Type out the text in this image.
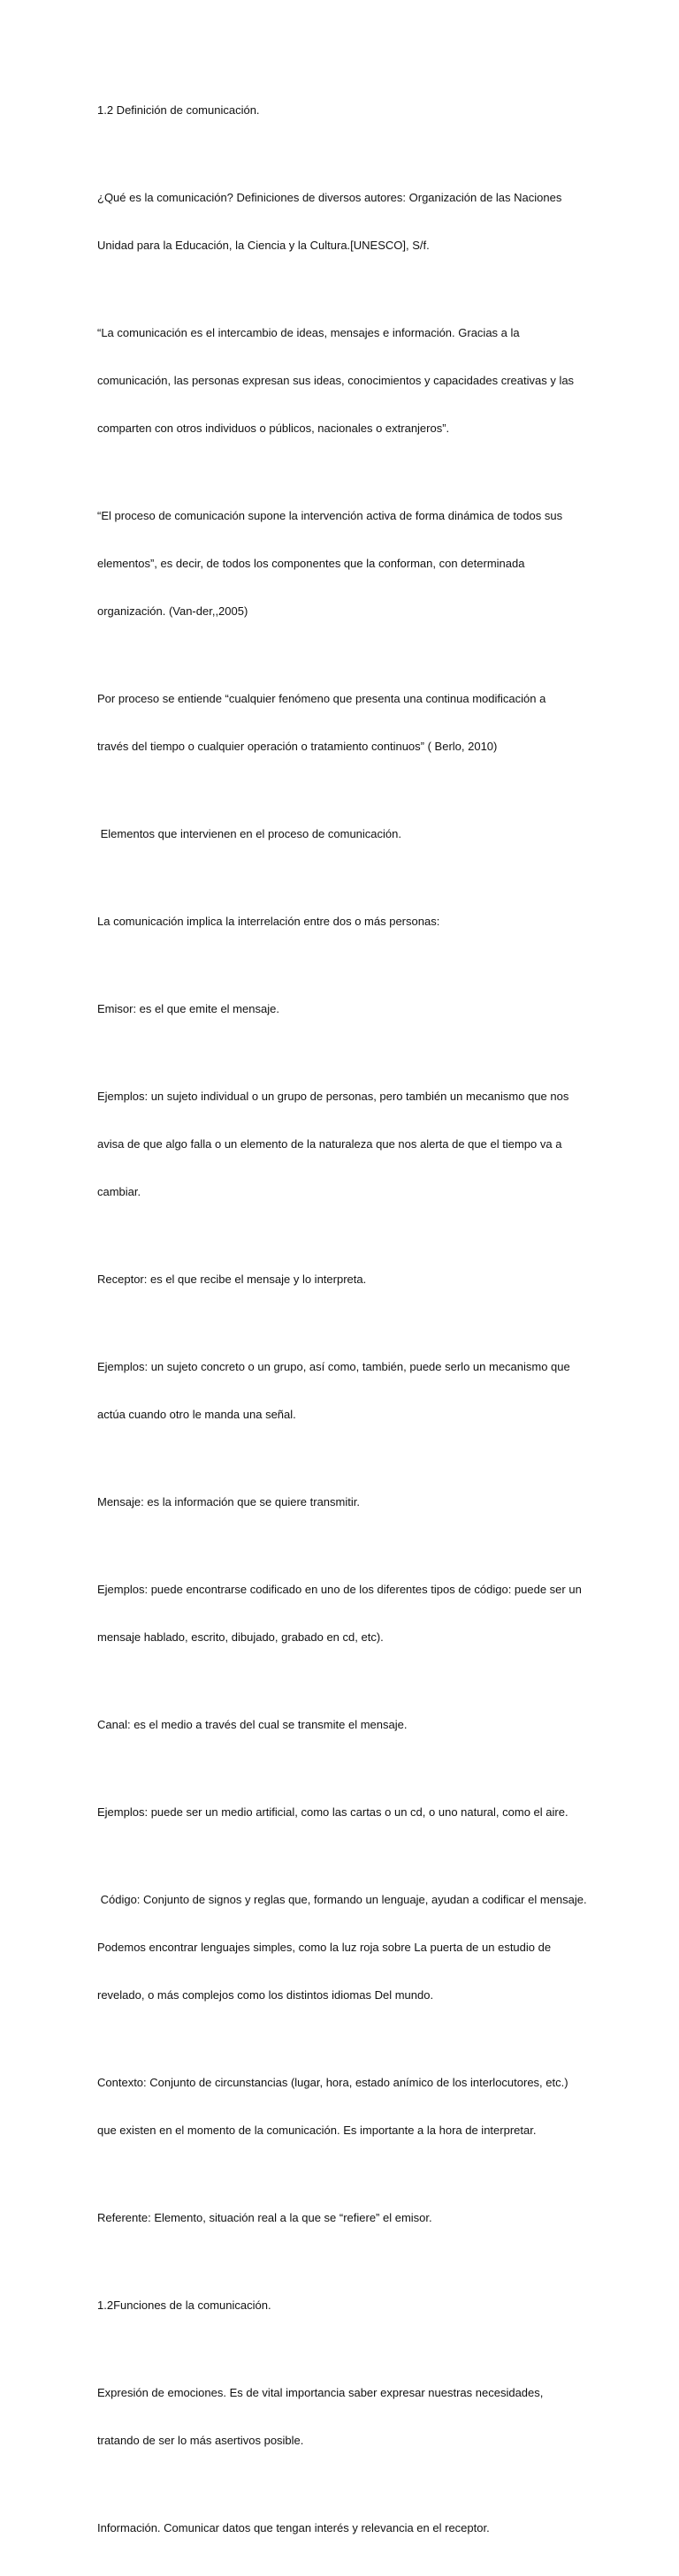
1.2 Definición de comunicación.

¿Qué es la comunicación? Definiciones de diversos autores: Organización de las Naciones

Unidad para la Educación, la Ciencia y la Cultura.[UNESCO], S/f.

“La comunicación es el intercambio de ideas, mensajes e información. Gracias a la

comunicación, las personas expresan sus ideas, conocimientos y capacidades creativas y las

comparten con otros individuos o públicos, nacionales o extranjeros”.

“El proceso de comunicación supone la intervención activa de forma dinámica de todos sus

elementos”, es decir, de todos los componentes que la conforman, con determinada

organización. (Van-der,,2005)

Por proceso se entiende “cualquier fenómeno que presenta una continua modificación a

través del tiempo o cualquier operación o tratamiento continuos” ( Berlo, 2010)

Elementos que intervienen en el proceso de comunicación.

La comunicación implica la interrelación entre dos o más personas:

Emisor: es el que emite el mensaje.

Ejemplos: un sujeto individual o un grupo de personas, pero también un mecanismo que nos

avisa de que algo falla o un elemento de la naturaleza que nos alerta de que el tiempo va a

cambiar.

Receptor: es el que recibe el mensaje y lo interpreta.

Ejemplos: un sujeto concreto o un grupo, así como, también, puede serlo un mecanismo que

actúa cuando otro le manda una señal.

Mensaje: es la información que se quiere transmitir.

Ejemplos: puede encontrarse codificado en uno de los diferentes tipos de código: puede ser un

mensaje hablado, escrito, dibujado, grabado en cd, etc).

Canal: es el medio a través del cual se transmite el mensaje.

Ejemplos: puede ser un medio artificial, como las cartas o un cd, o uno natural, como el aire.

Código: Conjunto de signos y reglas que, formando un lenguaje, ayudan a codificar el mensaje.

Podemos encontrar lenguajes simples, como la luz roja sobre La puerta de un estudio de

revelado, o más complejos como los distintos idiomas Del mundo.

Contexto: Conjunto de circunstancias (lugar, hora, estado anímico de los interlocutores, etc.)

que existen en el momento de la comunicación. Es importante a la hora de interpretar.

Referente: Elemento, situación real a la que se “refiere” el emisor.

1.2Funciones de la comunicación.

Expresión de emociones. Es de vital importancia saber expresar nuestras necesidades,

tratando de ser lo más asertivos posible.

Información. Comunicar datos que tengan interés y relevancia en el receptor.
